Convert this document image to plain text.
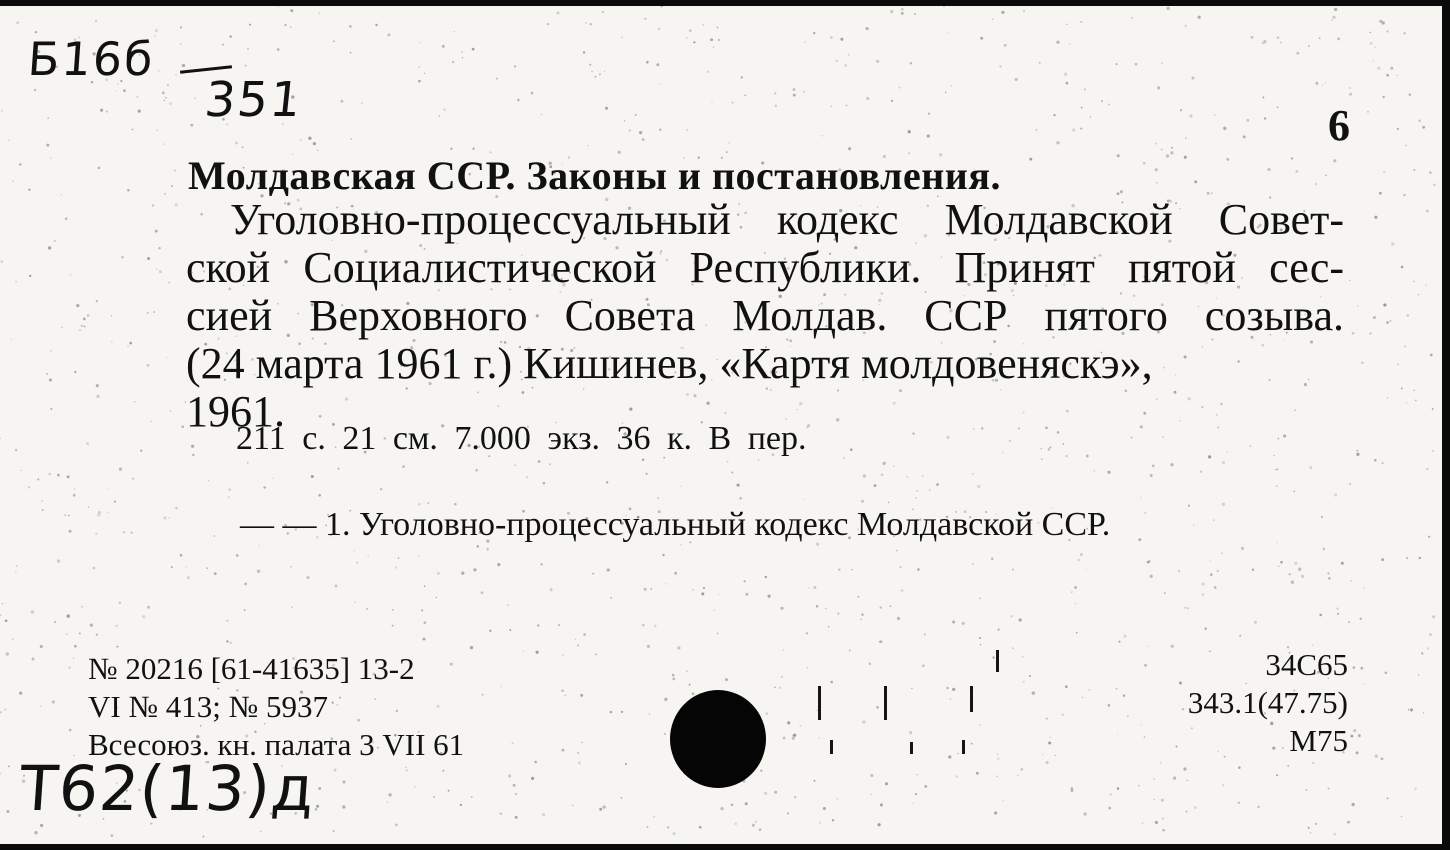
Б16б
351	6
Молдавская ССР. Законы и постановления.
Уголовно-процессуальный кодекс Молдавской Совет-
ской Социалистической Республики. Принят пятой сес-
сией Верховного Совета Молдав. ССР пятого созыва.
(24 марта 1961 г.) Кишинев, «Картя молдовеняскэ»,
1961.
211 с. 21 см. 7.000 экз. 36 к. В пер.
— — 1. Уголовно-процессуальный кодекс Молдавской ССР.
№ 20216 [61-41635] 13-2
VI № 413; № 5937
Всесоюз. кн. палата 3 VII 61
34С65
343.1(47.75)
М75
Т62(13)д
